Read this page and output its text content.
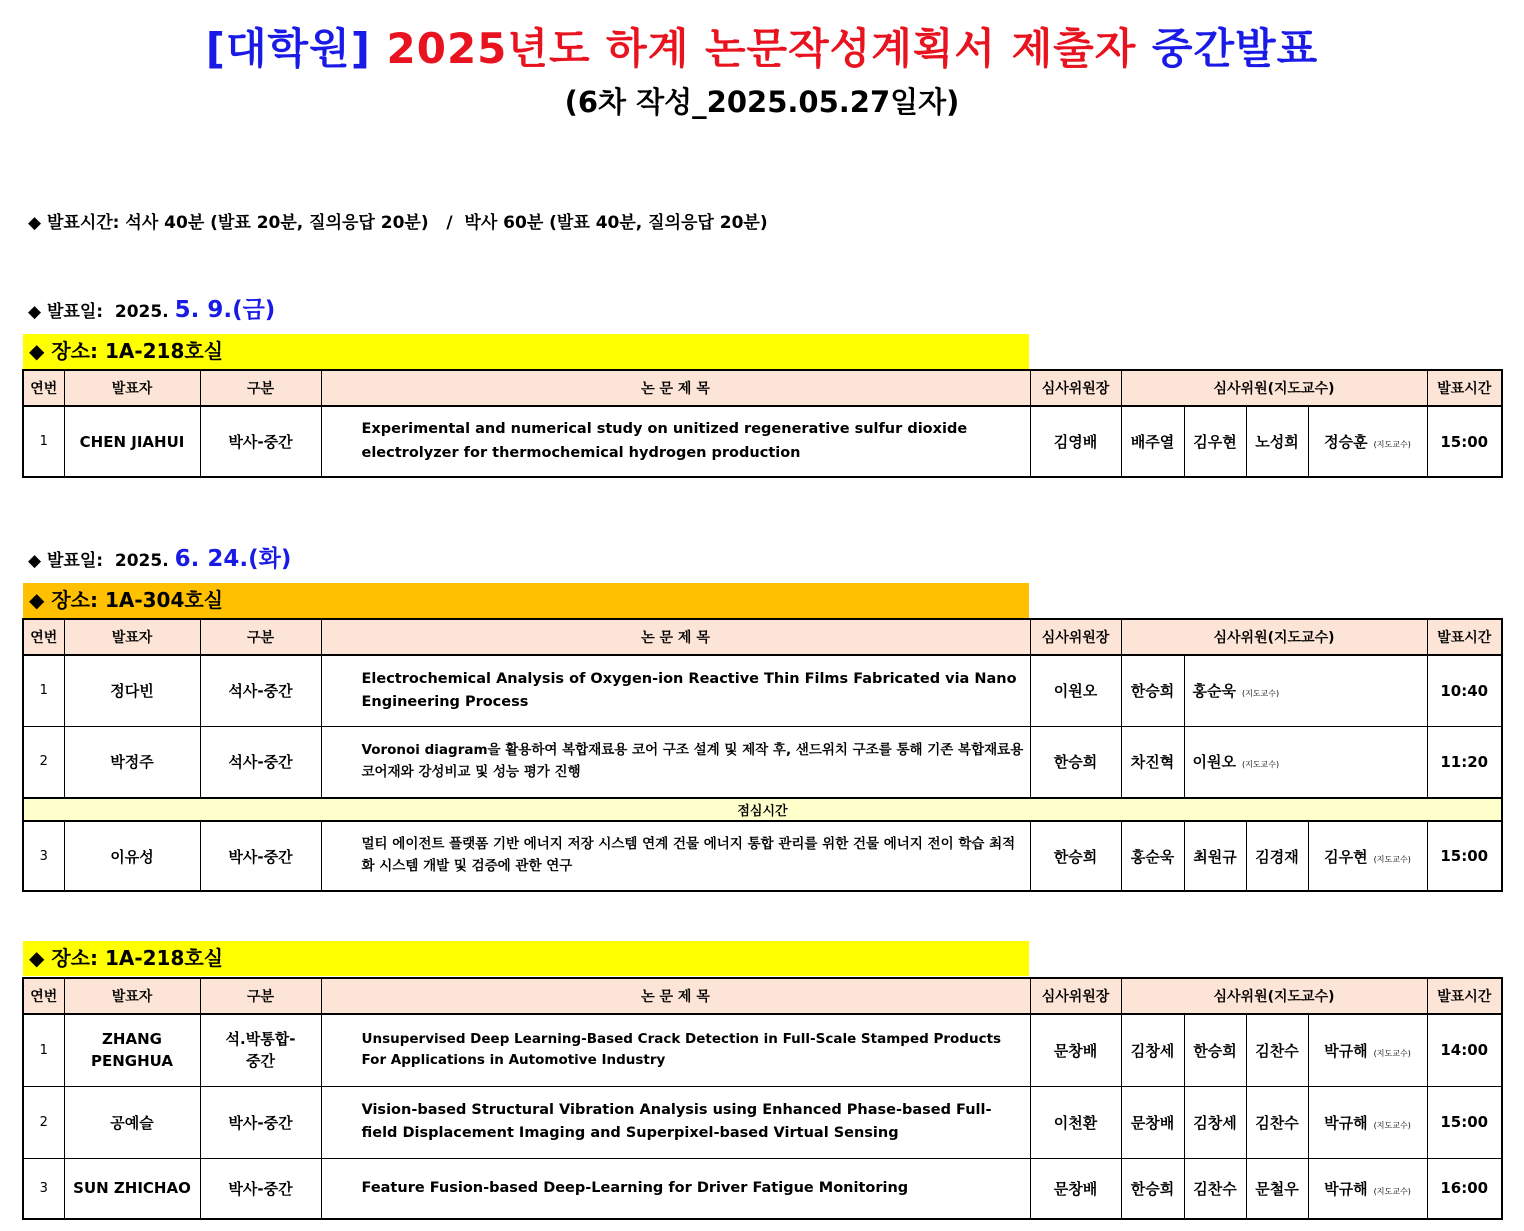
[대학원] 2025년도 하계 논문작성계획서 제출자 중간발표
(6차 작성_2025.05.27일자)
◆ 발표시간: 석사 40분 (발표 20분, 질의응답 20분)   /  박사 60분 (발표 40분, 질의응답 20분)
◆ 발표일:  2025. 5. 9.(금)
◆ 장소: 1A-218호실
연번	발표자	구분	논 문 제 목	심사위원장	심사위원(지도교수)				발표시간
1	CHEN JIAHUI	박사-중간	Experimental and numerical study on unitized regenerative sulfur dioxide electrolyzer for thermochemical hydrogen production	김영배	배주열	김우현	노성희	정승훈 (지도교수)	15:00
◆ 발표일:  2025. 6. 24.(화)
◆ 장소: 1A-304호실
연번	발표자	구분	논 문 제 목	심사위원장	심사위원(지도교수)				발표시간
1	정다빈	석사-중간	Electrochemical Analysis of Oxygen-ion Reactive Thin Films Fabricated via Nano Engineering Process	이원오	한승희	홍순욱 (지도교수)			10:40
2	박정주	석사-중간	Voronoi diagram을 활용하여 복합재료용 코어 구조 설계 및 제작 후, 샌드위치 구조를 통해 기존 복합재료용 코어재와 강성비교 및 성능 평가 진행	한승희	차진혁	이원오 (지도교수)			11:20
점심시간									
3	이유성	박사-중간	멀티 에이전트 플랫폼 기반 에너지 저장 시스템 연계 건물 에너지 통합 관리를 위한 건물 에너지 전이 학습 최적화 시스템 개발 및 검증에 관한 연구	한승희	홍순욱	최원규	김경재	김우현 (지도교수)	15:00
◆ 장소: 1A-218호실
연번	발표자	구분	논 문 제 목	심사위원장	심사위원(지도교수)				발표시간
1	ZHANG PENGHUA	석.박통합-중간	Unsupervised Deep Learning-Based Crack Detection in Full-Scale Stamped Products For Applications in Automotive Industry	문창배	김창세	한승희	김찬수	박규해 (지도교수)	14:00
2	공예슬	박사-중간	Vision-based Structural Vibration Analysis using Enhanced Phase-based Full-field Displacement Imaging and Superpixel-based Virtual Sensing	이천환	문창배	김창세	김찬수	박규해 (지도교수)	15:00
3	SUN ZHICHAO	박사-중간	Feature Fusion-based Deep-Learning for Driver Fatigue Monitoring	문창배	한승희	김찬수	문철우	박규해 (지도교수)	16:00
